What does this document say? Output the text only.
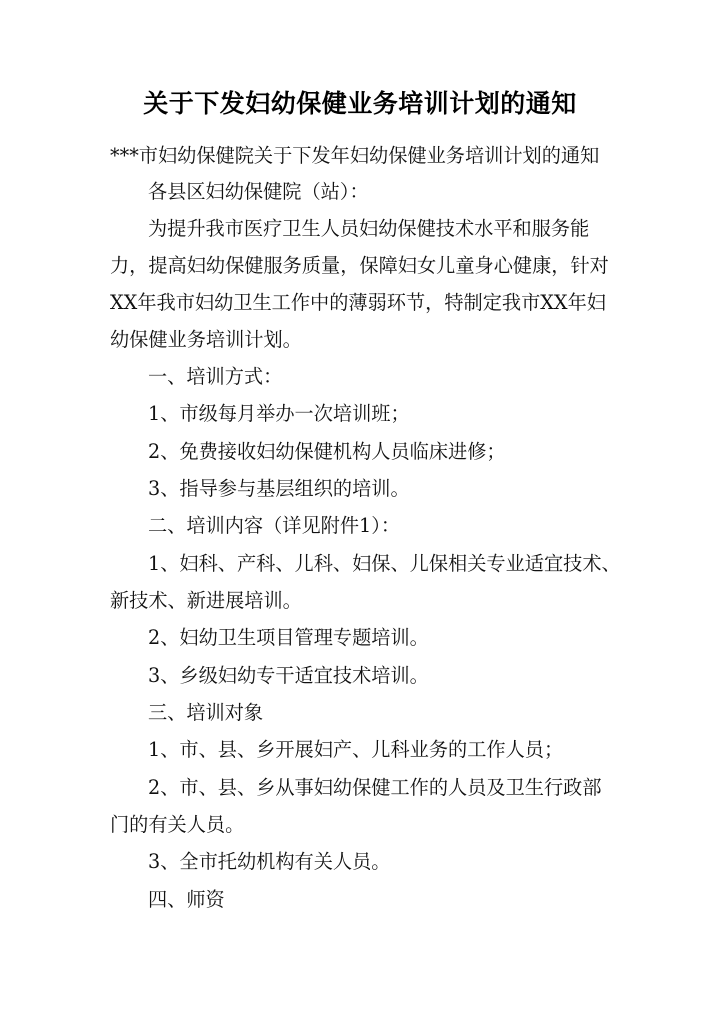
关于下发妇幼保健业务培训计划的通知
***市妇幼保健院关于下发年妇幼保健业务培训计划的通知
各县区妇幼保健院（站）：
为提升我市医疗卫生人员妇幼保健技术水平和服务能
力，提高妇幼保健服务质量，保障妇女儿童身心健康，针对
XX年我市妇幼卫生工作中的薄弱环节，特制定我市XX年妇
幼保健业务培训计划。
一、培训方式：
1、市级每月举办一次培训班；
2、免费接收妇幼保健机构人员临床进修；
3、指导参与基层组织的培训。
二、培训内容（详见附件1）：
1、妇科、产科、儿科、妇保、儿保相关专业适宜技术、
新技术、新进展培训。
2、妇幼卫生项目管理专题培训。
3、乡级妇幼专干适宜技术培训。
三、培训对象
1、市、县、乡开展妇产、儿科业务的工作人员；
2、市、县、乡从事妇幼保健工作的人员及卫生行政部
门的有关人员。
3、全市托幼机构有关人员。
四、师资
